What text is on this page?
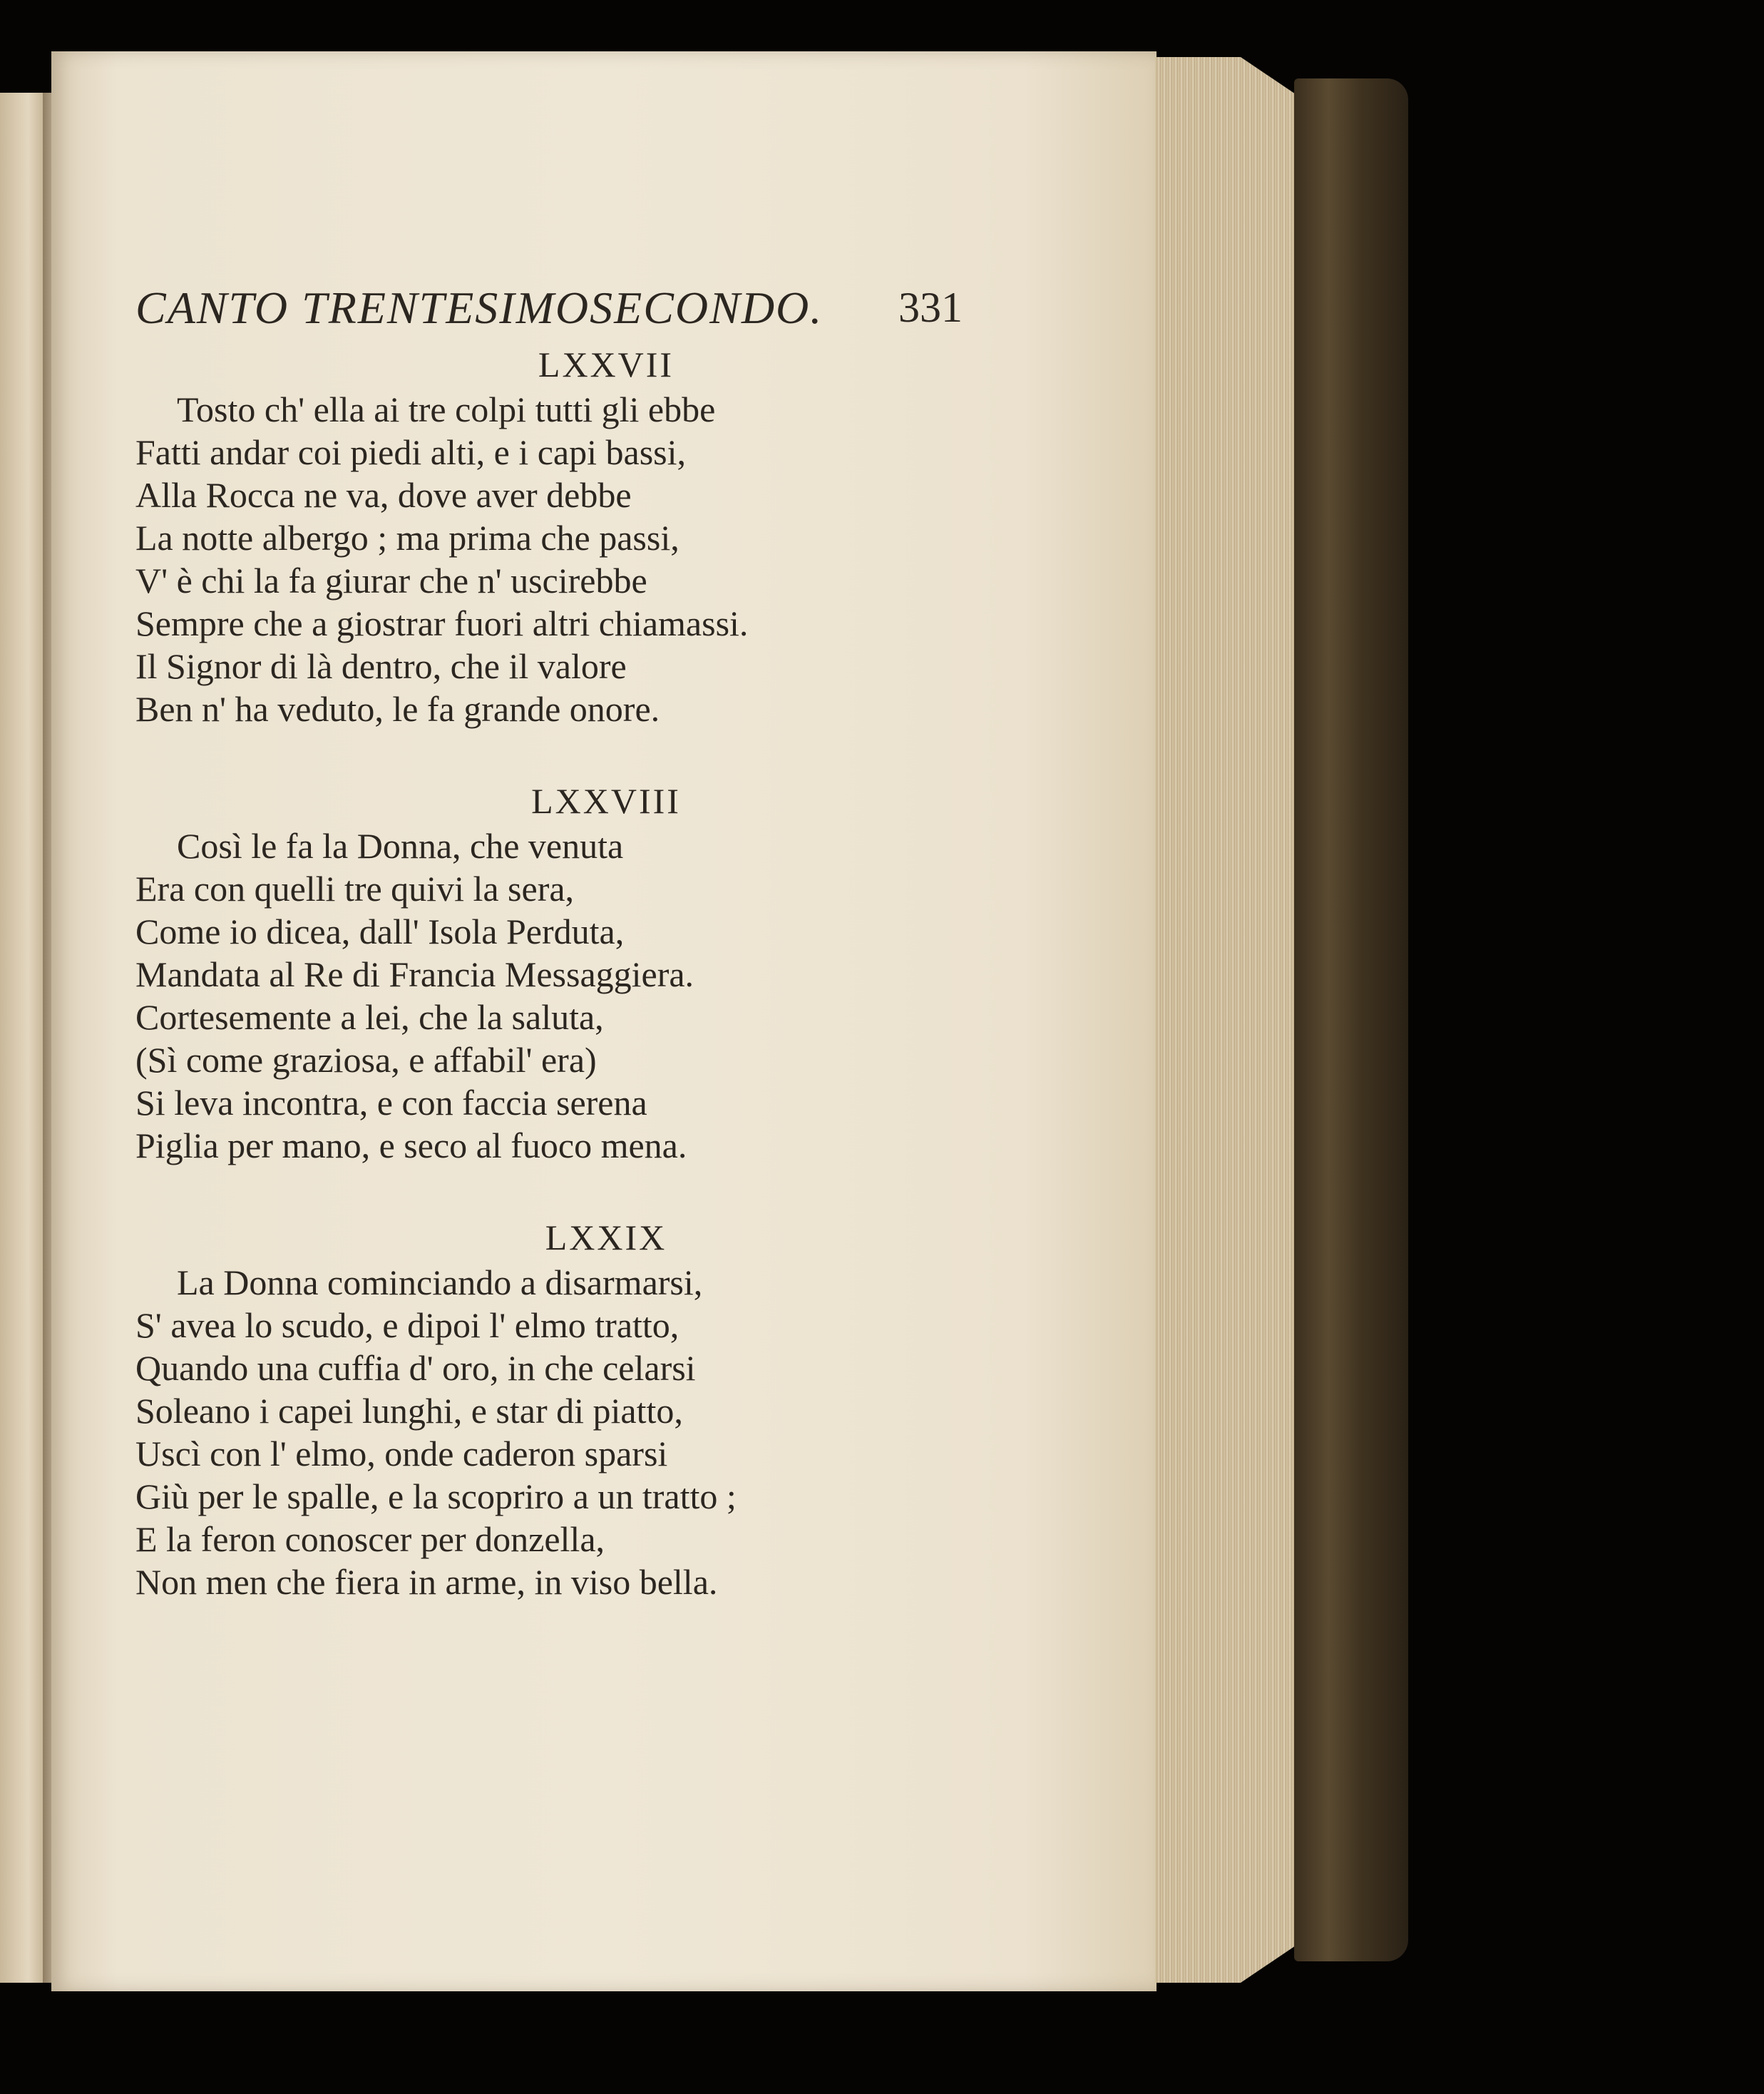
CANTO TRENTESIMOSECONDO. 331
LXXVII
Tosto ch' ella ai tre colpi tutti gli ebbe
Fatti andar coi piedi alti, e i capi bassi,
Alla Rocca ne va, dove aver debbe
La notte albergo ; ma prima che passi,
V' è chi la fa giurar che n' uscirebbe
Sempre che a giostrar fuori altri chiamassi.
Il Signor di là dentro, che il valore
Ben n' ha veduto, le fa grande onore.
LXXVIII
Così le fa la Donna, che venuta
Era con quelli tre quivi la sera,
Come io dicea, dall' Isola Perduta,
Mandata al Re di Francia Messaggiera.
Cortesemente a lei, che la saluta,
(Sì come graziosa, e affabil' era)
Si leva incontra, e con faccia serena
Piglia per mano, e seco al fuoco mena.
LXXIX
La Donna cominciando a disarmarsi,
S' avea lo scudo, e dipoi l' elmo tratto,
Quando una cuffia d' oro, in che celarsi
Soleano i capei lunghi, e star di piatto,
Uscì con l' elmo, onde caderon sparsi
Giù per le spalle, e la scopriro a un tratto ;
E la feron conoscer per donzella,
Non men che fiera in arme, in viso bella.
